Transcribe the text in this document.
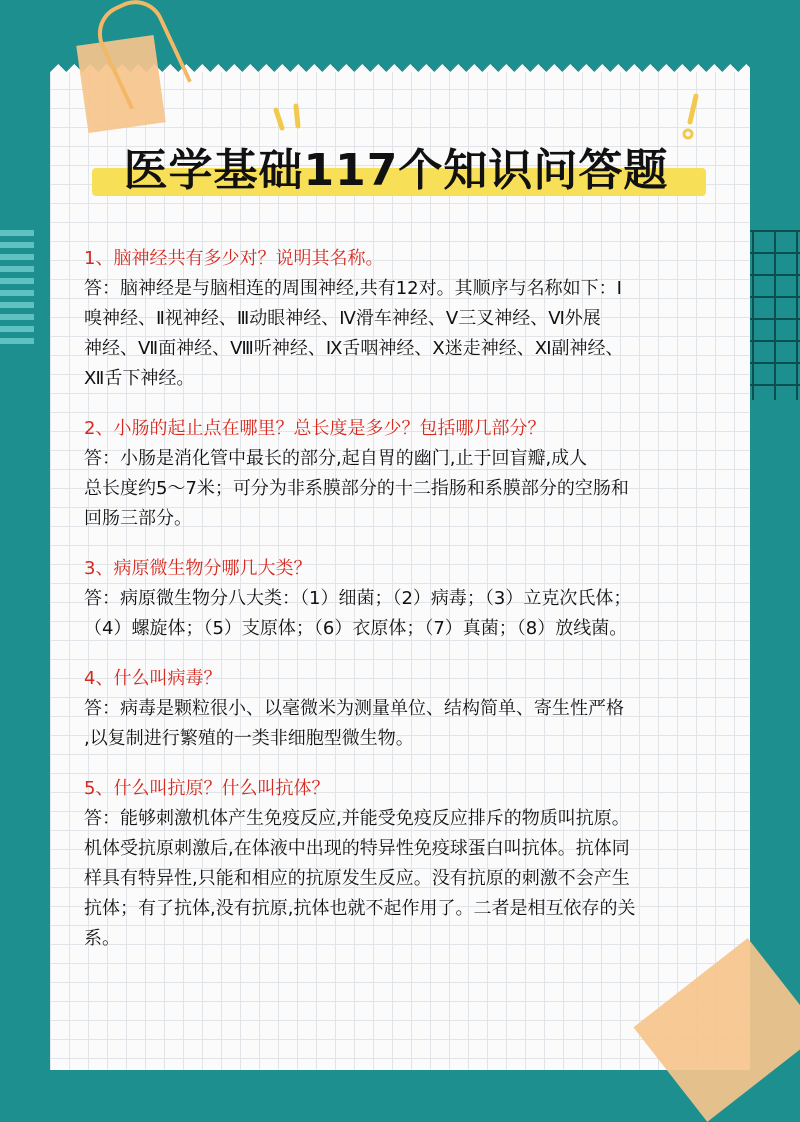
医学基础117个知识问答题
1、脑神经共有多少对？说明其名称。

答：脑神经是与脑相连的周围神经,共有12对。其顺序与名称如下：Ⅰ

嗅神经、Ⅱ视神经、Ⅲ动眼神经、Ⅳ滑车神经、Ⅴ三叉神经、Ⅵ外展

神经、Ⅶ面神经、Ⅷ听神经、Ⅸ舌咽神经、Ⅹ迷走神经、Ⅺ副神经、

Ⅻ舌下神经。

2、小肠的起止点在哪里？总长度是多少？包括哪几部分？

答：小肠是消化管中最长的部分,起自胃的幽门,止于回盲瓣,成人

总长度约5～7米；可分为非系膜部分的十二指肠和系膜部分的空肠和

回肠三部分。

3、病原微生物分哪几大类？

答：病原微生物分八大类：（1）细菌；（2）病毒；（3）立克次氏体；

（4）螺旋体；（5）支原体；（6）衣原体；（7）真菌；（8）放线菌。

4、什么叫病毒？

答：病毒是颗粒很小、以毫微米为测量单位、结构简单、寄生性严格

,以复制进行繁殖的一类非细胞型微生物。

5、什么叫抗原？什么叫抗体？

答：能够刺激机体产生免疫反应,并能受免疫反应排斥的物质叫抗原。

机体受抗原刺激后,在体液中出现的特异性免疫球蛋白叫抗体。抗体同

样具有特异性,只能和相应的抗原发生反应。没有抗原的刺激不会产生

抗体；有了抗体,没有抗原,抗体也就不起作用了。二者是相互依存的关

系。
